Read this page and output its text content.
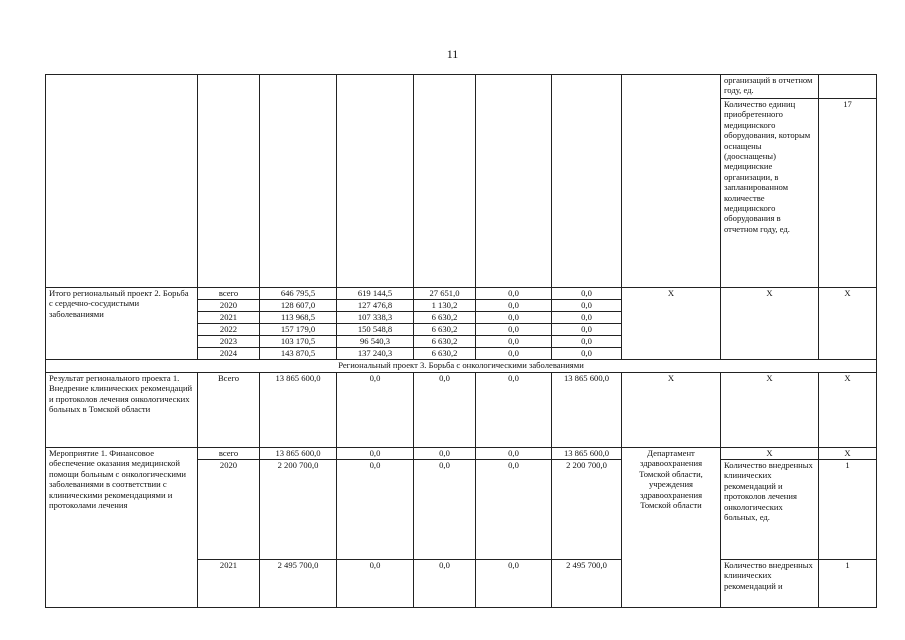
11
								организаций в отчетном году, ед.	
								Количество единиц приобретенного медицинского оборудования, которым оснащены (дооснащены) медицинские организации, в запланированном количестве медицинского оборудования в отчетном году, ед.	17
Итого региональный проект 2. Борьба с сердечно-сосудистыми заболеваниями	всего	646 795,5	619 144,5	27 651,0	0,0	0,0	X	X	X
	2020	128 607,0	127 476,8	1 130,2	0,0	0,0			
	2021	113 968,5	107 338,3	6 630,2	0,0	0,0			
	2022	157 179,0	150 548,8	6 630,2	0,0	0,0			
	2023	103 170,5	96 540,3	6 630,2	0,0	0,0			
	2024	143 870,5	137 240,3	6 630,2	0,0	0,0			
Региональный проект 3. Борьба с онкологическими заболеваниями									
Результат регионального проекта 1. Внедрение клинических рекомендаций и протоколов лечения онкологических больных в Томской области	Всего	13 865 600,0	0,0	0,0	0,0	13 865 600,0	X	X	X
Мероприятие 1. Финансовое обеспечение оказания медицинской помощи больным с онкологическими заболеваниями в соответствии с клиническими рекомендациями и протоколами лечения	всего	13 865 600,0	0,0	0,0	0,0	13 865 600,0	Департамент здравоохранения Томской области, учреждения здравоохранения Томской области	X	X
	2020	2 200 700,0	0,0	0,0	0,0	2 200 700,0		Количество внедренных клинических рекомендаций и протоколов лечения онкологических больных, ед.	1
	2021	2 495 700,0	0,0	0,0	0,0	2 495 700,0		Количество внедренных клинических рекомендаций и	1
